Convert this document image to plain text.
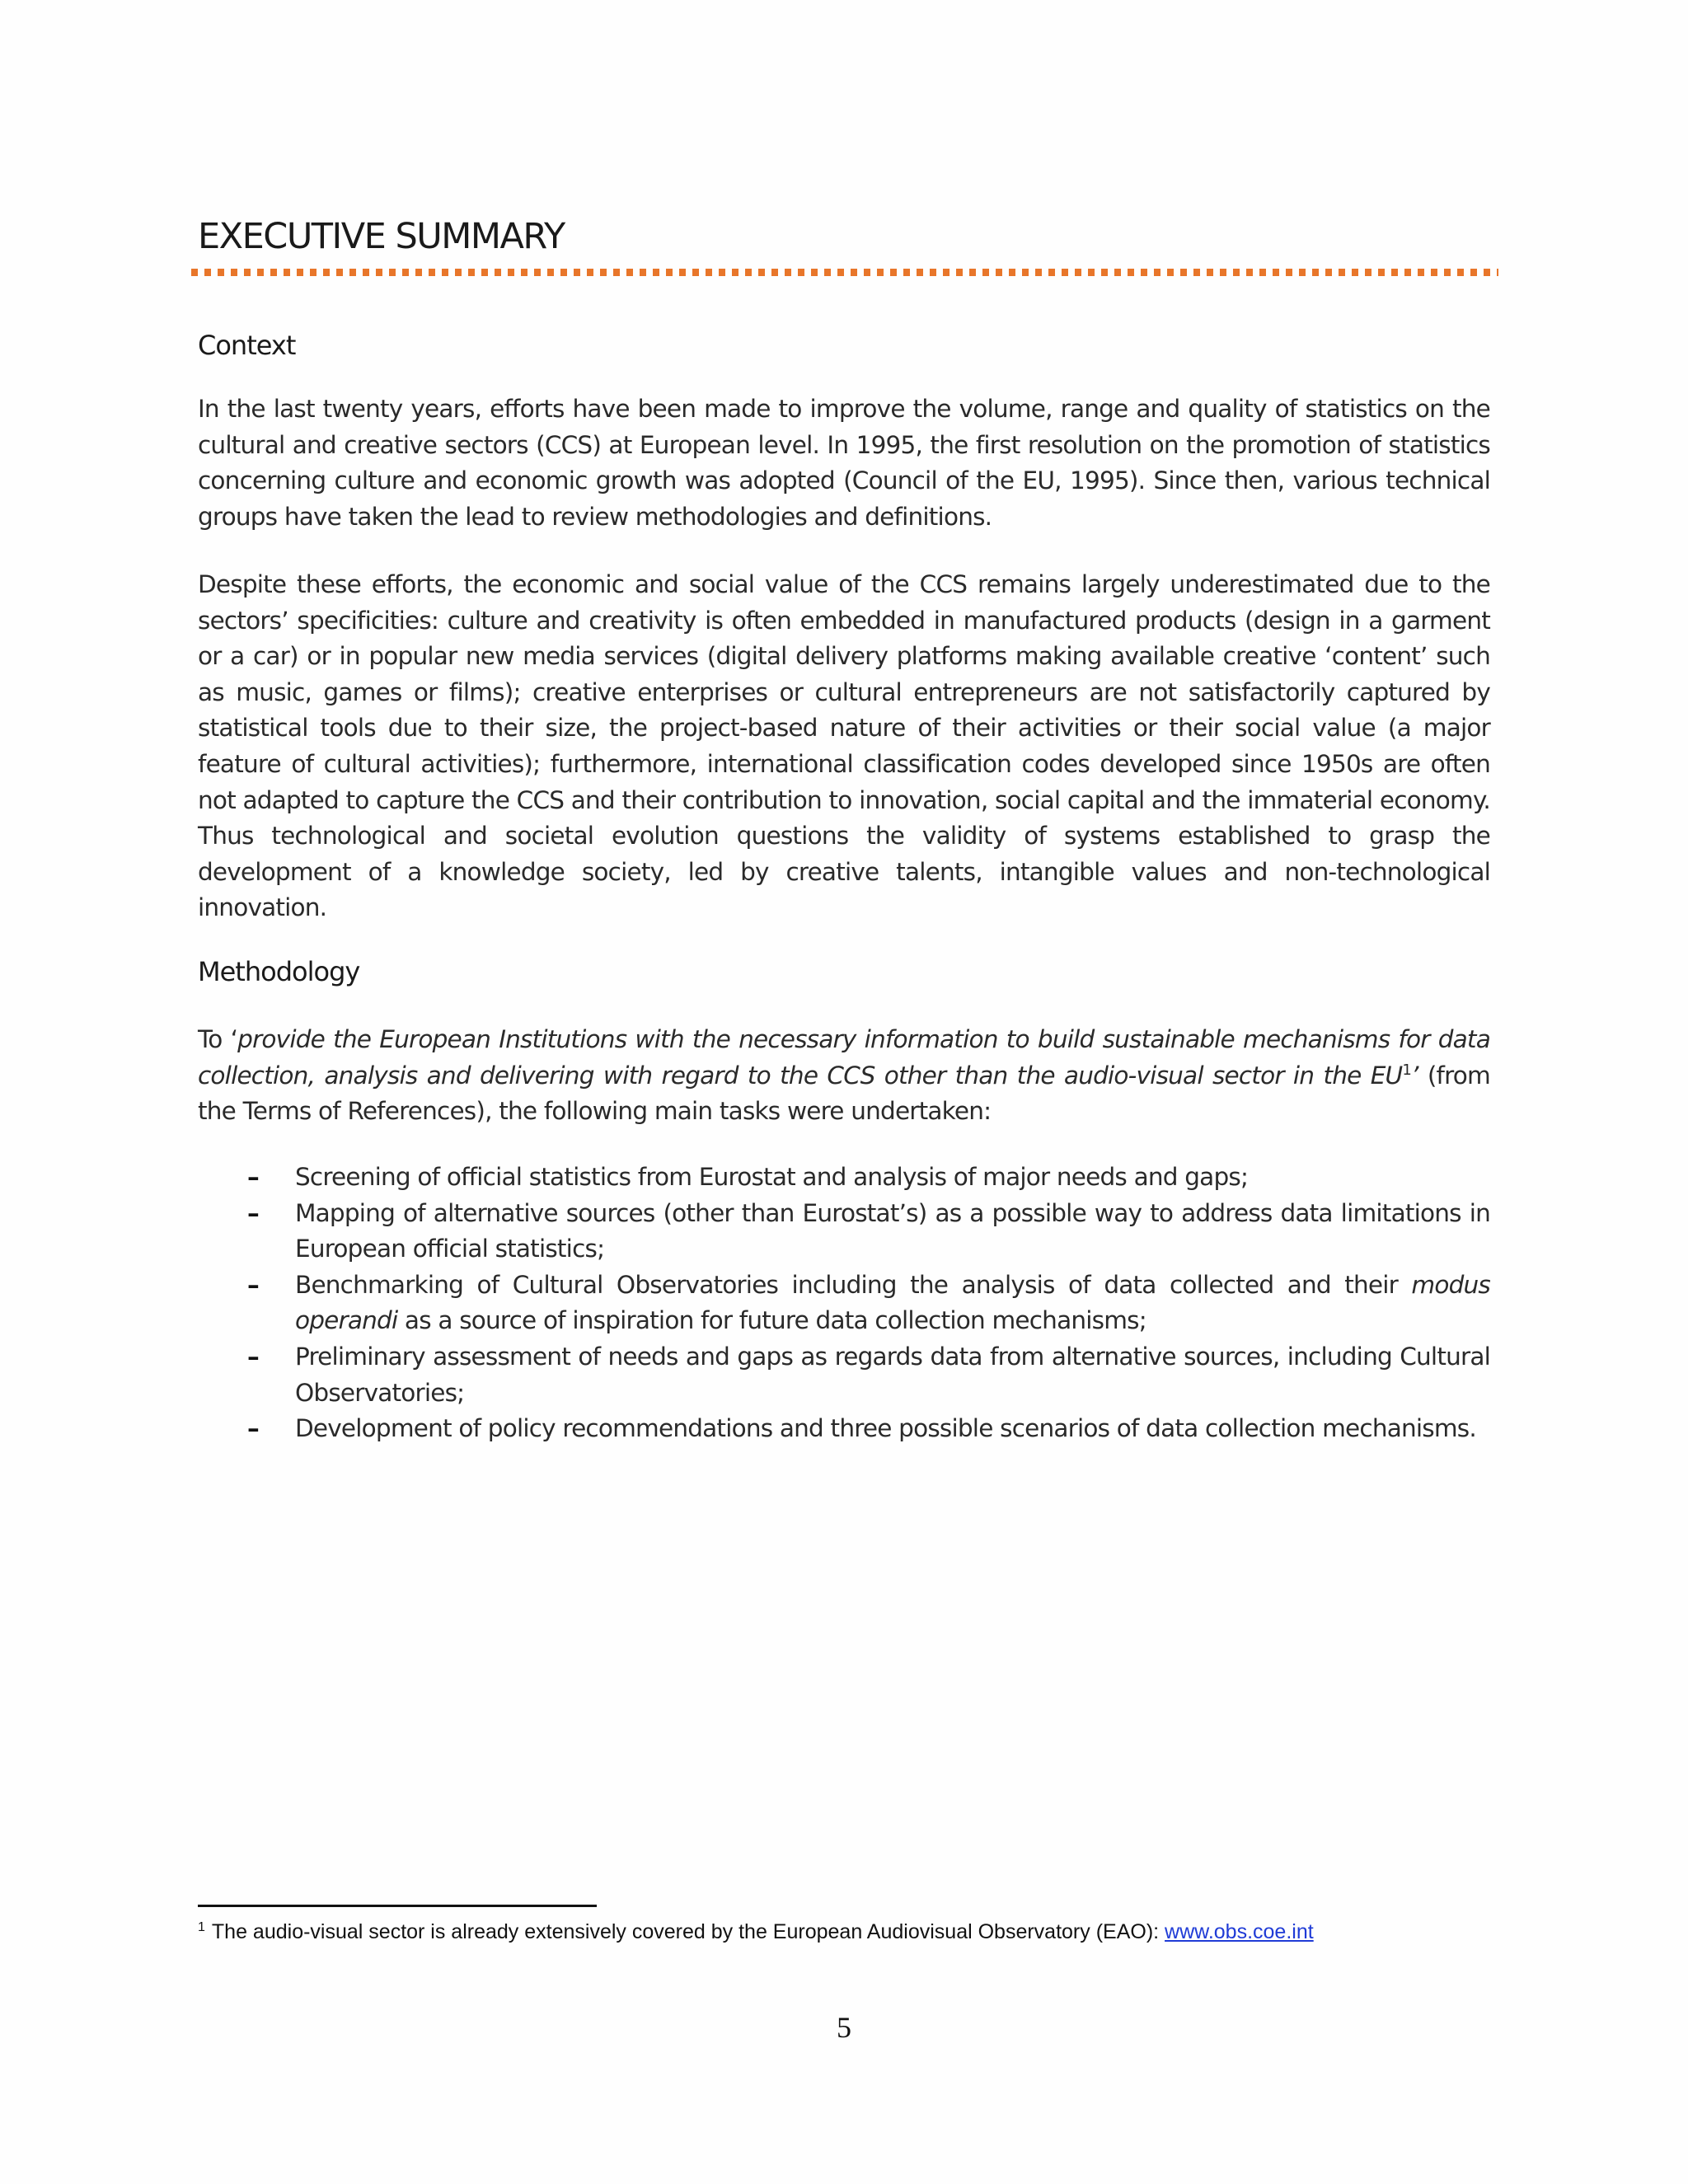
EXECUTIVE SUMMARY
Context

In the last twenty years, efforts have been made to improve the volume, range and quality of statistics on the cultural and creative sectors (CCS) at European level. In 1995, the first resolution on the promotion of statistics concerning culture and economic growth was adopted (Council of the EU, 1995). Since then, various technical groups have taken the lead to review methodologies and definitions.

Despite these efforts, the economic and social value of the CCS remains largely underestimated due to the sectors’ specificities: culture and creativity is often embedded in manufactured products (design in a garment or a car) or in popular new media services (digital delivery platforms making available creative ‘content’ such as music, games or films); creative enterprises or cultural entrepreneurs are not satisfactorily captured by statistical tools due to their size, the project-based nature of their activities or their social value (a major feature of cultural activities); furthermore, international classification codes developed since 1950s are often not adapted to capture the CCS and their contribution to innovation, social capital and the immaterial economy. Thus technological and societal evolution questions the validity of systems established to grasp the development of a knowledge society, led by creative talents, intangible values and non-technological innovation.

Methodology

To ‘provide the European Institutions with the necessary information to build sustainable mechanisms for data collection, analysis and delivering with regard to the CCS other than the audio-visual sector in the $EU^1$’ (from the Terms of References), the following main tasks were undertaken:

– Screening of official statistics from Eurostat and analysis of major needs and gaps;
– Mapping of alternative sources (other than Eurostat’s) as a possible way to address data limitations in European official statistics;
– Benchmarking of Cultural Observatories including the analysis of data collected and their modus operandi as a source of inspiration for future data collection mechanisms;
– Preliminary assessment of needs and gaps as regards data from alternative sources, including Cultural Observatories;
– Development of policy recommendations and three possible scenarios of data collection mechanisms.

$^1$ The audio-visual sector is already extensively covered by the European Audiovisual Observatory (EAO): www.obs.coe.int

5
